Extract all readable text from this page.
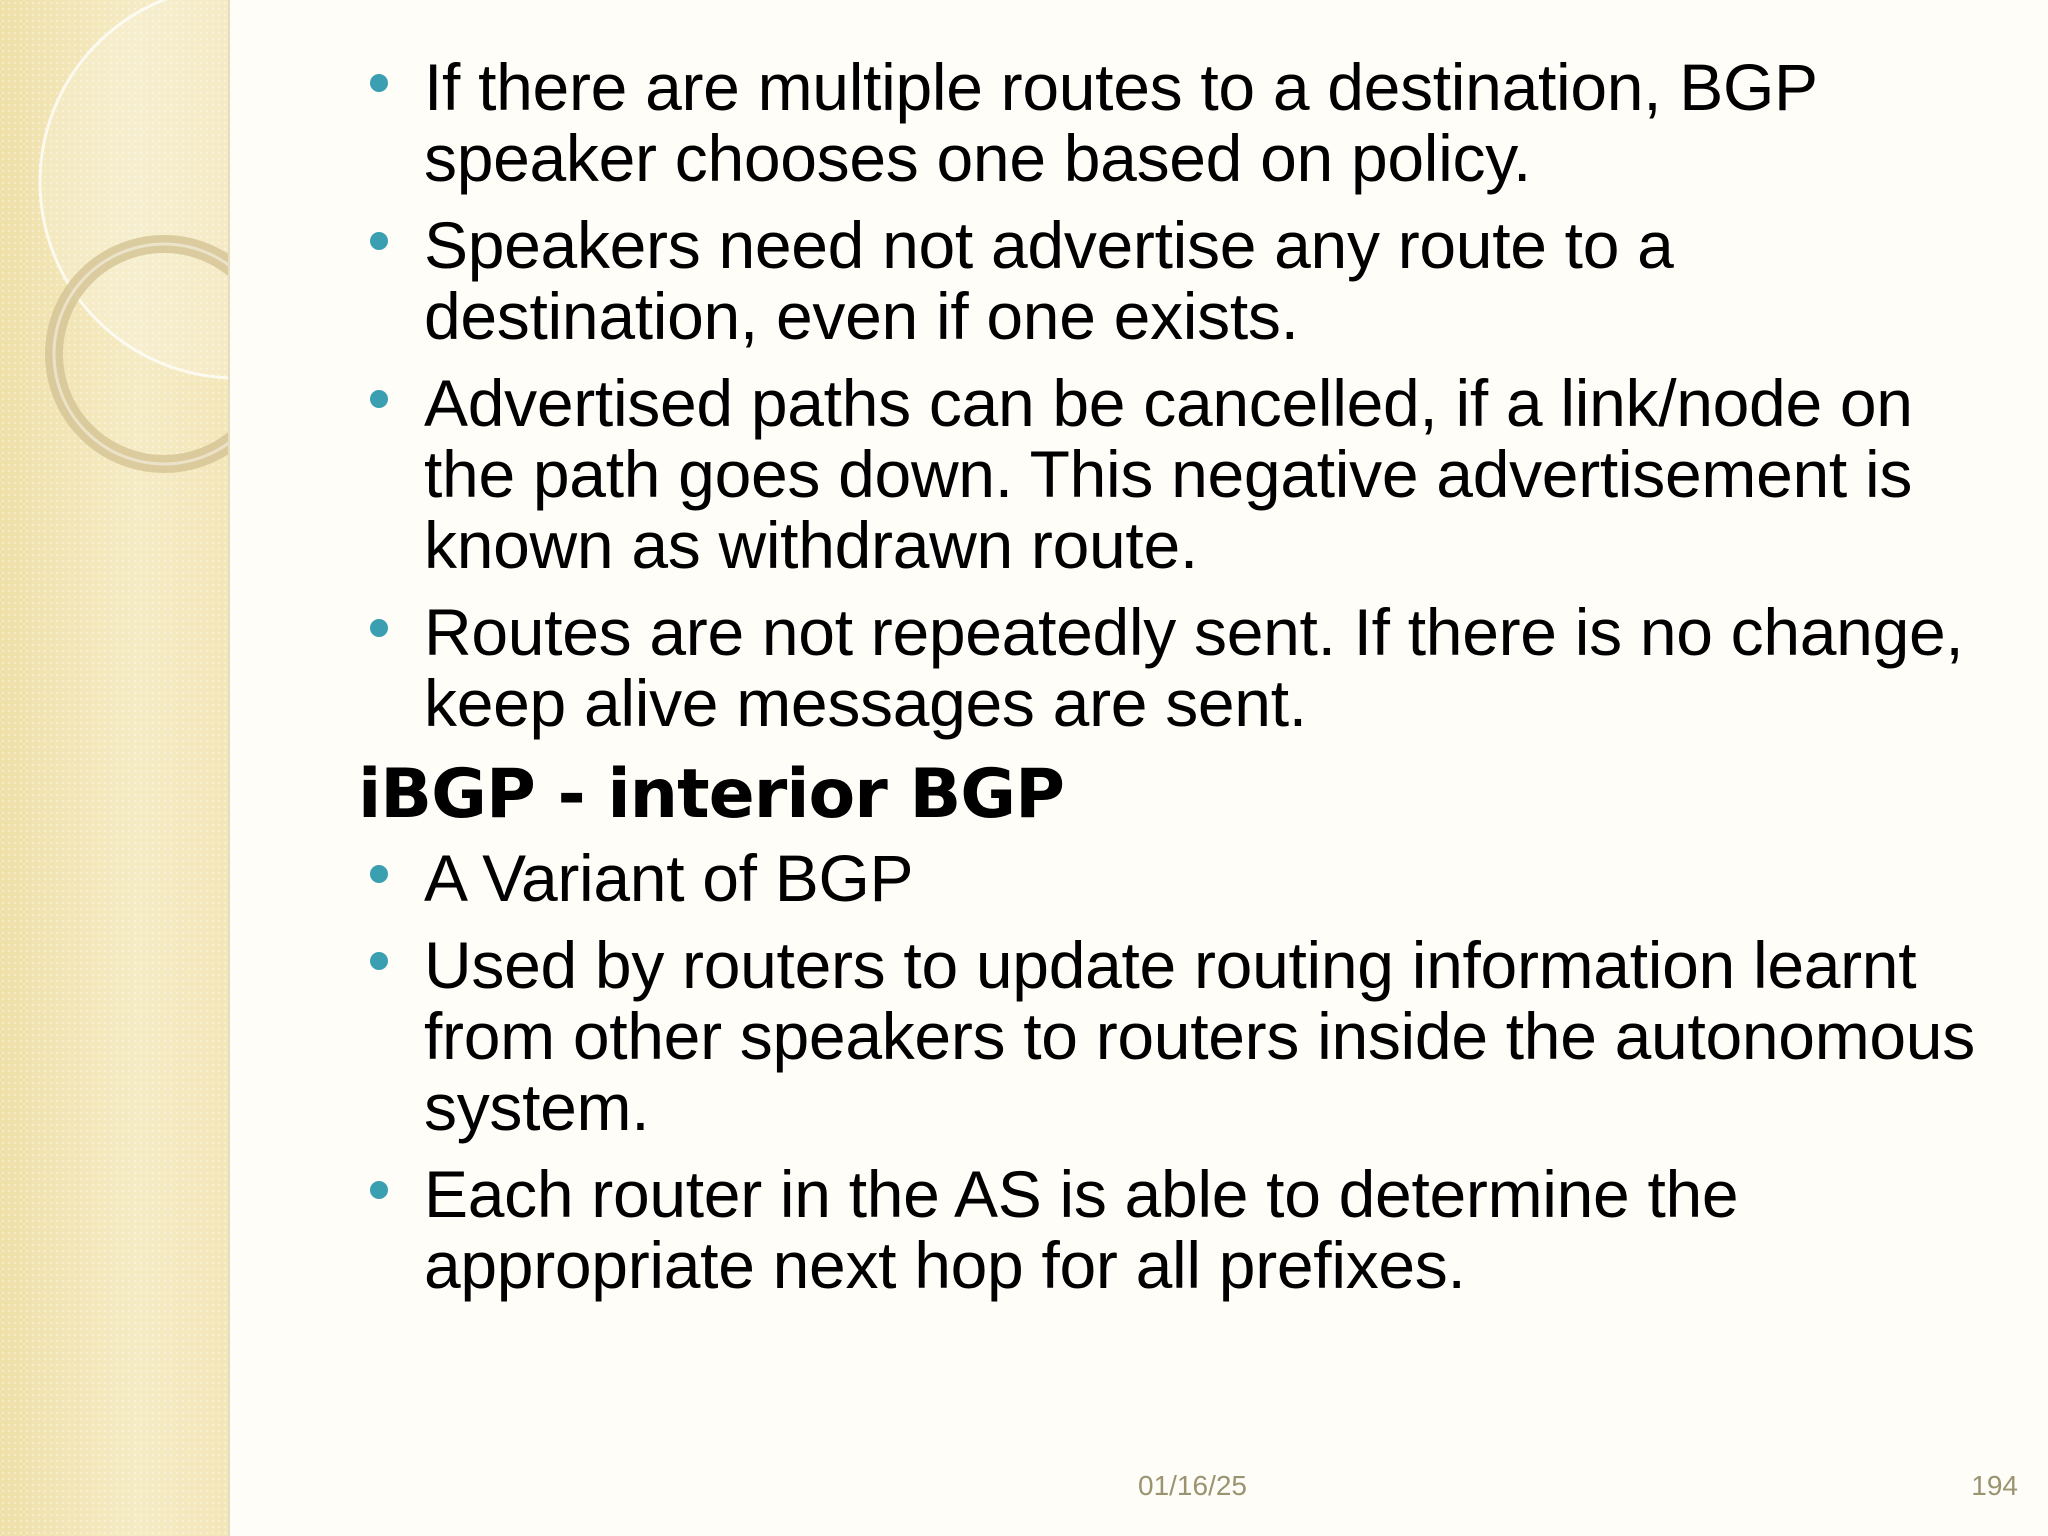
If there are multiple routes to a destination, BGP speaker chooses one based on policy.
Speakers need not advertise any route to a destination, even if one exists.
Advertised paths can be cancelled, if a link/node on the path goes down. This negative advertisement is known as withdrawn route.
Routes are not repeatedly sent. If there is no change, keep alive messages are sent.
iBGP - interior BGP
A Variant of BGP
Used by routers to update routing information learnt from other speakers to routers inside the autonomous system.
Each router in the AS is able to determine the appropriate next hop for all prefixes.
01/16/25	194
